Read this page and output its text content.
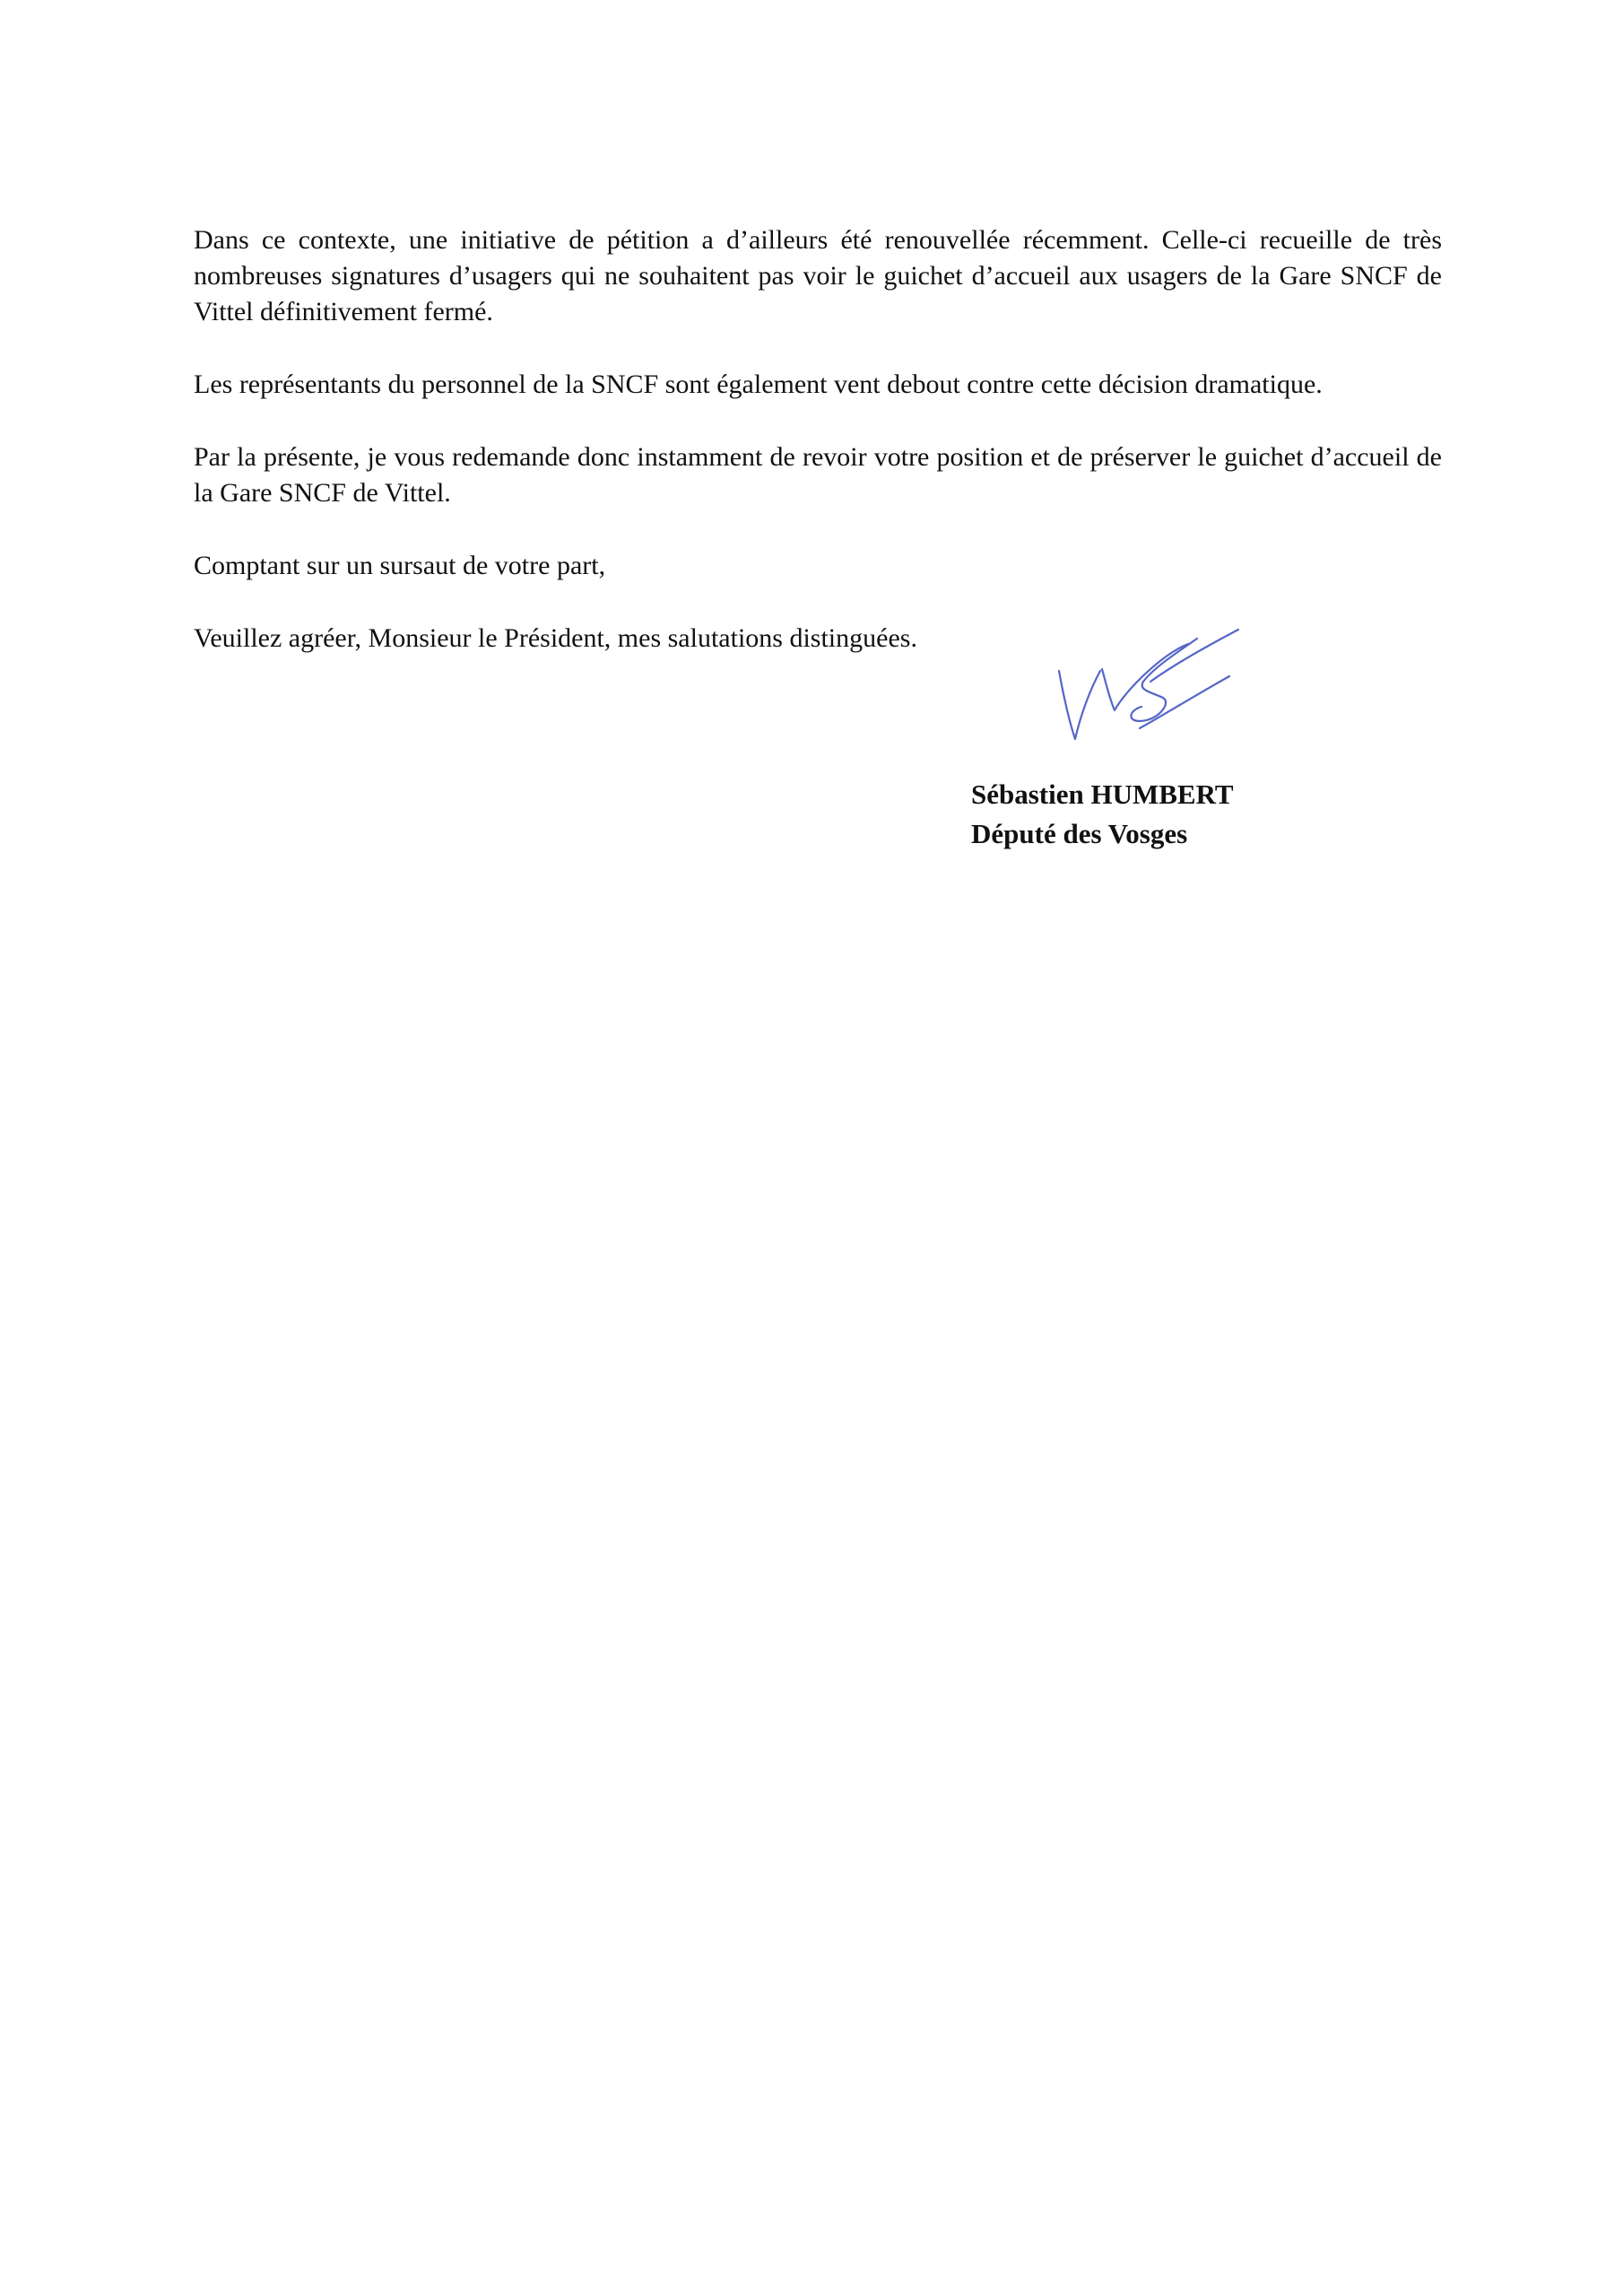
Dans ce contexte, une initiative de pétition a d’ailleurs été renouvellée récemment. Celle-ci recueille de très nombreuses signatures d’usagers qui ne souhaitent pas voir le guichet d’accueil aux usagers de la Gare SNCF de Vittel définitivement fermé.

Les représentants du personnel de la SNCF sont également vent debout contre cette décision dramatique.

Par la présente, je vous redemande donc instamment de revoir votre position et de préserver le guichet d’accueil de la Gare SNCF de Vittel.

Comptant sur un sursaut de votre part,

Veuillez agréer, Monsieur le Président, mes salutations distinguées.

Sébastien HUMBERT
Député des Vosges
